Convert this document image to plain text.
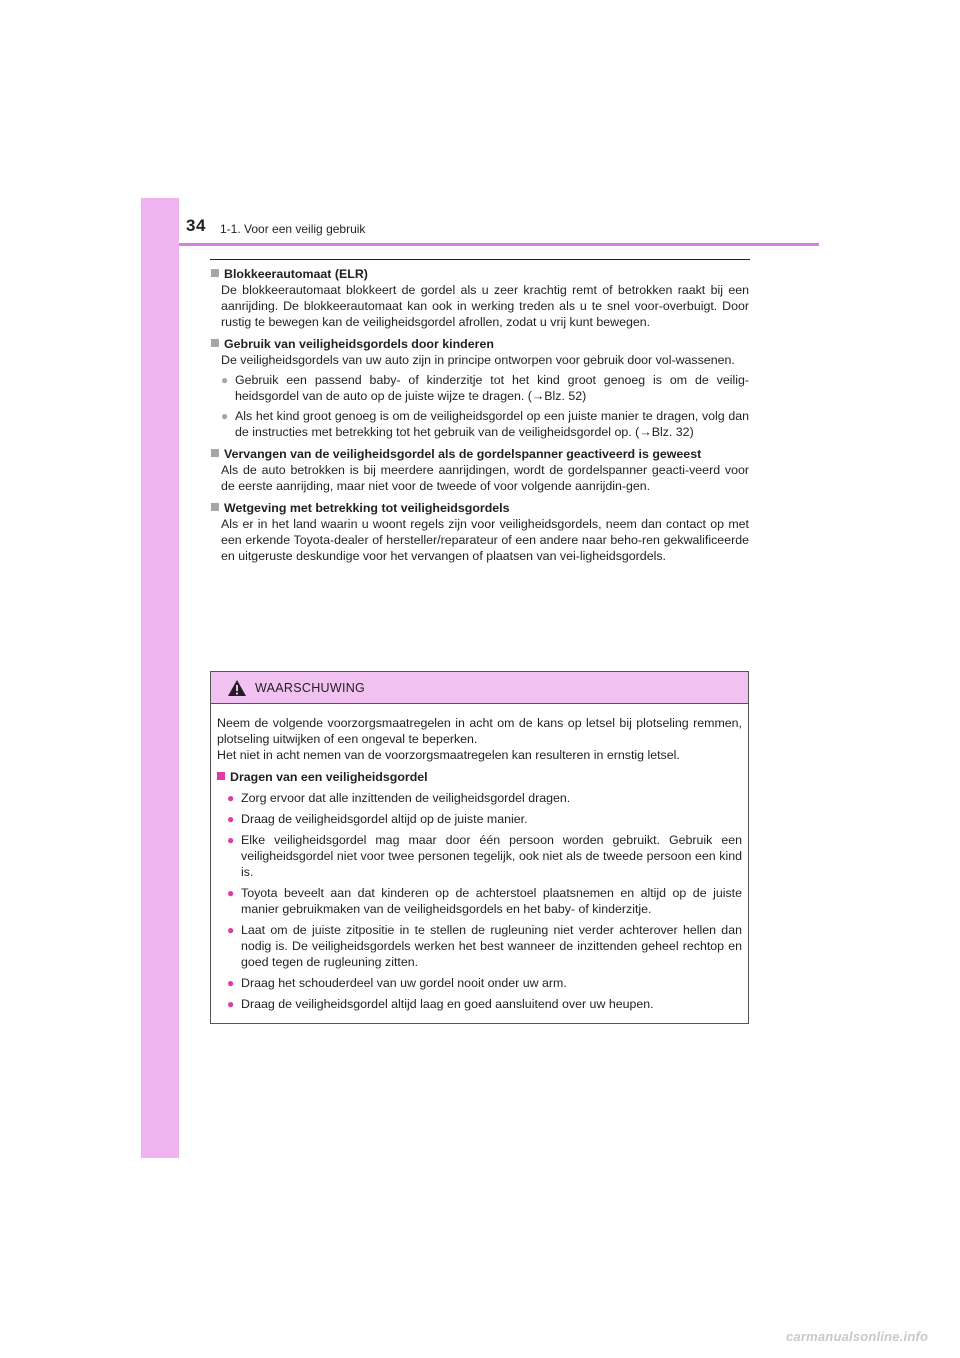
34 1-1. Voor een veilig gebruik
Blokkeerautomaat (ELR)
De blokkeerautomaat blokkeert de gordel als u zeer krachtig remt of betrokken raakt bij een aanrijding. De blokkeerautomaat kan ook in werking treden als u te snel voor-overbuigt. Door rustig te bewegen kan de veiligheidsgordel afrollen, zodat u vrij kunt bewegen.
Gebruik van veiligheidsgordels door kinderen
De veiligheidsgordels van uw auto zijn in principe ontworpen voor gebruik door vol-wassenen.
● Gebruik een passend baby- of kinderzitje tot het kind groot genoeg is om de veilig-heidsgordel van de auto op de juiste wijze te dragen. (→Blz. 52)
● Als het kind groot genoeg is om de veiligheidsgordel op een juiste manier te dragen, volg dan de instructies met betrekking tot het gebruik van de veiligheidsgordel op. (→Blz. 32)
Vervangen van de veiligheidsgordel als de gordelspanner geactiveerd is geweest
Als de auto betrokken is bij meerdere aanrijdingen, wordt de gordelspanner geacti-veerd voor de eerste aanrijding, maar niet voor de tweede of voor volgende aanrijdin-gen.
Wetgeving met betrekking tot veiligheidsgordels
Als er in het land waarin u woont regels zijn voor veiligheidsgordels, neem dan contact op met een erkende Toyota-dealer of hersteller/reparateur of een andere naar beho-ren gekwalificeerde en uitgeruste deskundige voor het vervangen of plaatsen van vei-ligheidsgordels.
WAARSCHUWING
Neem de volgende voorzorgsmaatregelen in acht om de kans op letsel bij plotseling remmen, plotseling uitwijken of een ongeval te beperken.
Het niet in acht nemen van de voorzorgsmaatregelen kan resulteren in ernstig letsel.
Dragen van een veiligheidsgordel
● Zorg ervoor dat alle inzittenden de veiligheidsgordel dragen.
● Draag de veiligheidsgordel altijd op de juiste manier.
● Elke veiligheidsgordel mag maar door één persoon worden gebruikt. Gebruik een veiligheidsgordel niet voor twee personen tegelijk, ook niet als de tweede persoon een kind is.
● Toyota beveelt aan dat kinderen op de achterstoel plaatsnemen en altijd op de juiste manier gebruikmaken van de veiligheidsgordels en het baby- of kinderzitje.
● Laat om de juiste zitpositie in te stellen de rugleuning niet verder achterover hellen dan nodig is. De veiligheidsgordels werken het best wanneer de inzittenden geheel rechtop en goed tegen de rugleuning zitten.
● Draag het schouderdeel van uw gordel nooit onder uw arm.
● Draag de veiligheidsgordel altijd laag en goed aansluitend over uw heupen.
carmanualsonline.info
